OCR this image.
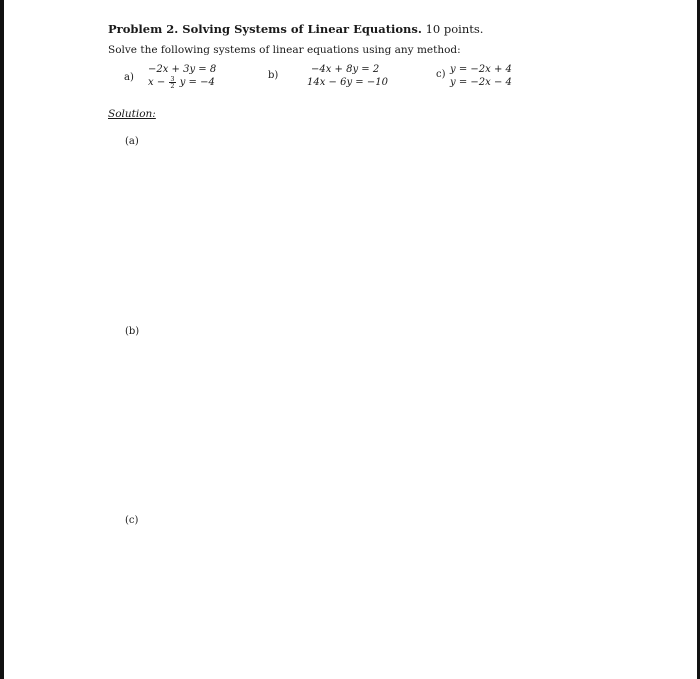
Problem 2. Solving Systems of Linear Equations. 10 points.
Solve the following systems of linear equations using any method:
a)
−2x + 3y = 8
$x - \frac{3}{2}$ y = −4
b)
−4x + 8y = 2
14x − 6y = −10
c) y = −2x + 4
y = −2x − 4
Solution:
(a)
(b)
(c)
